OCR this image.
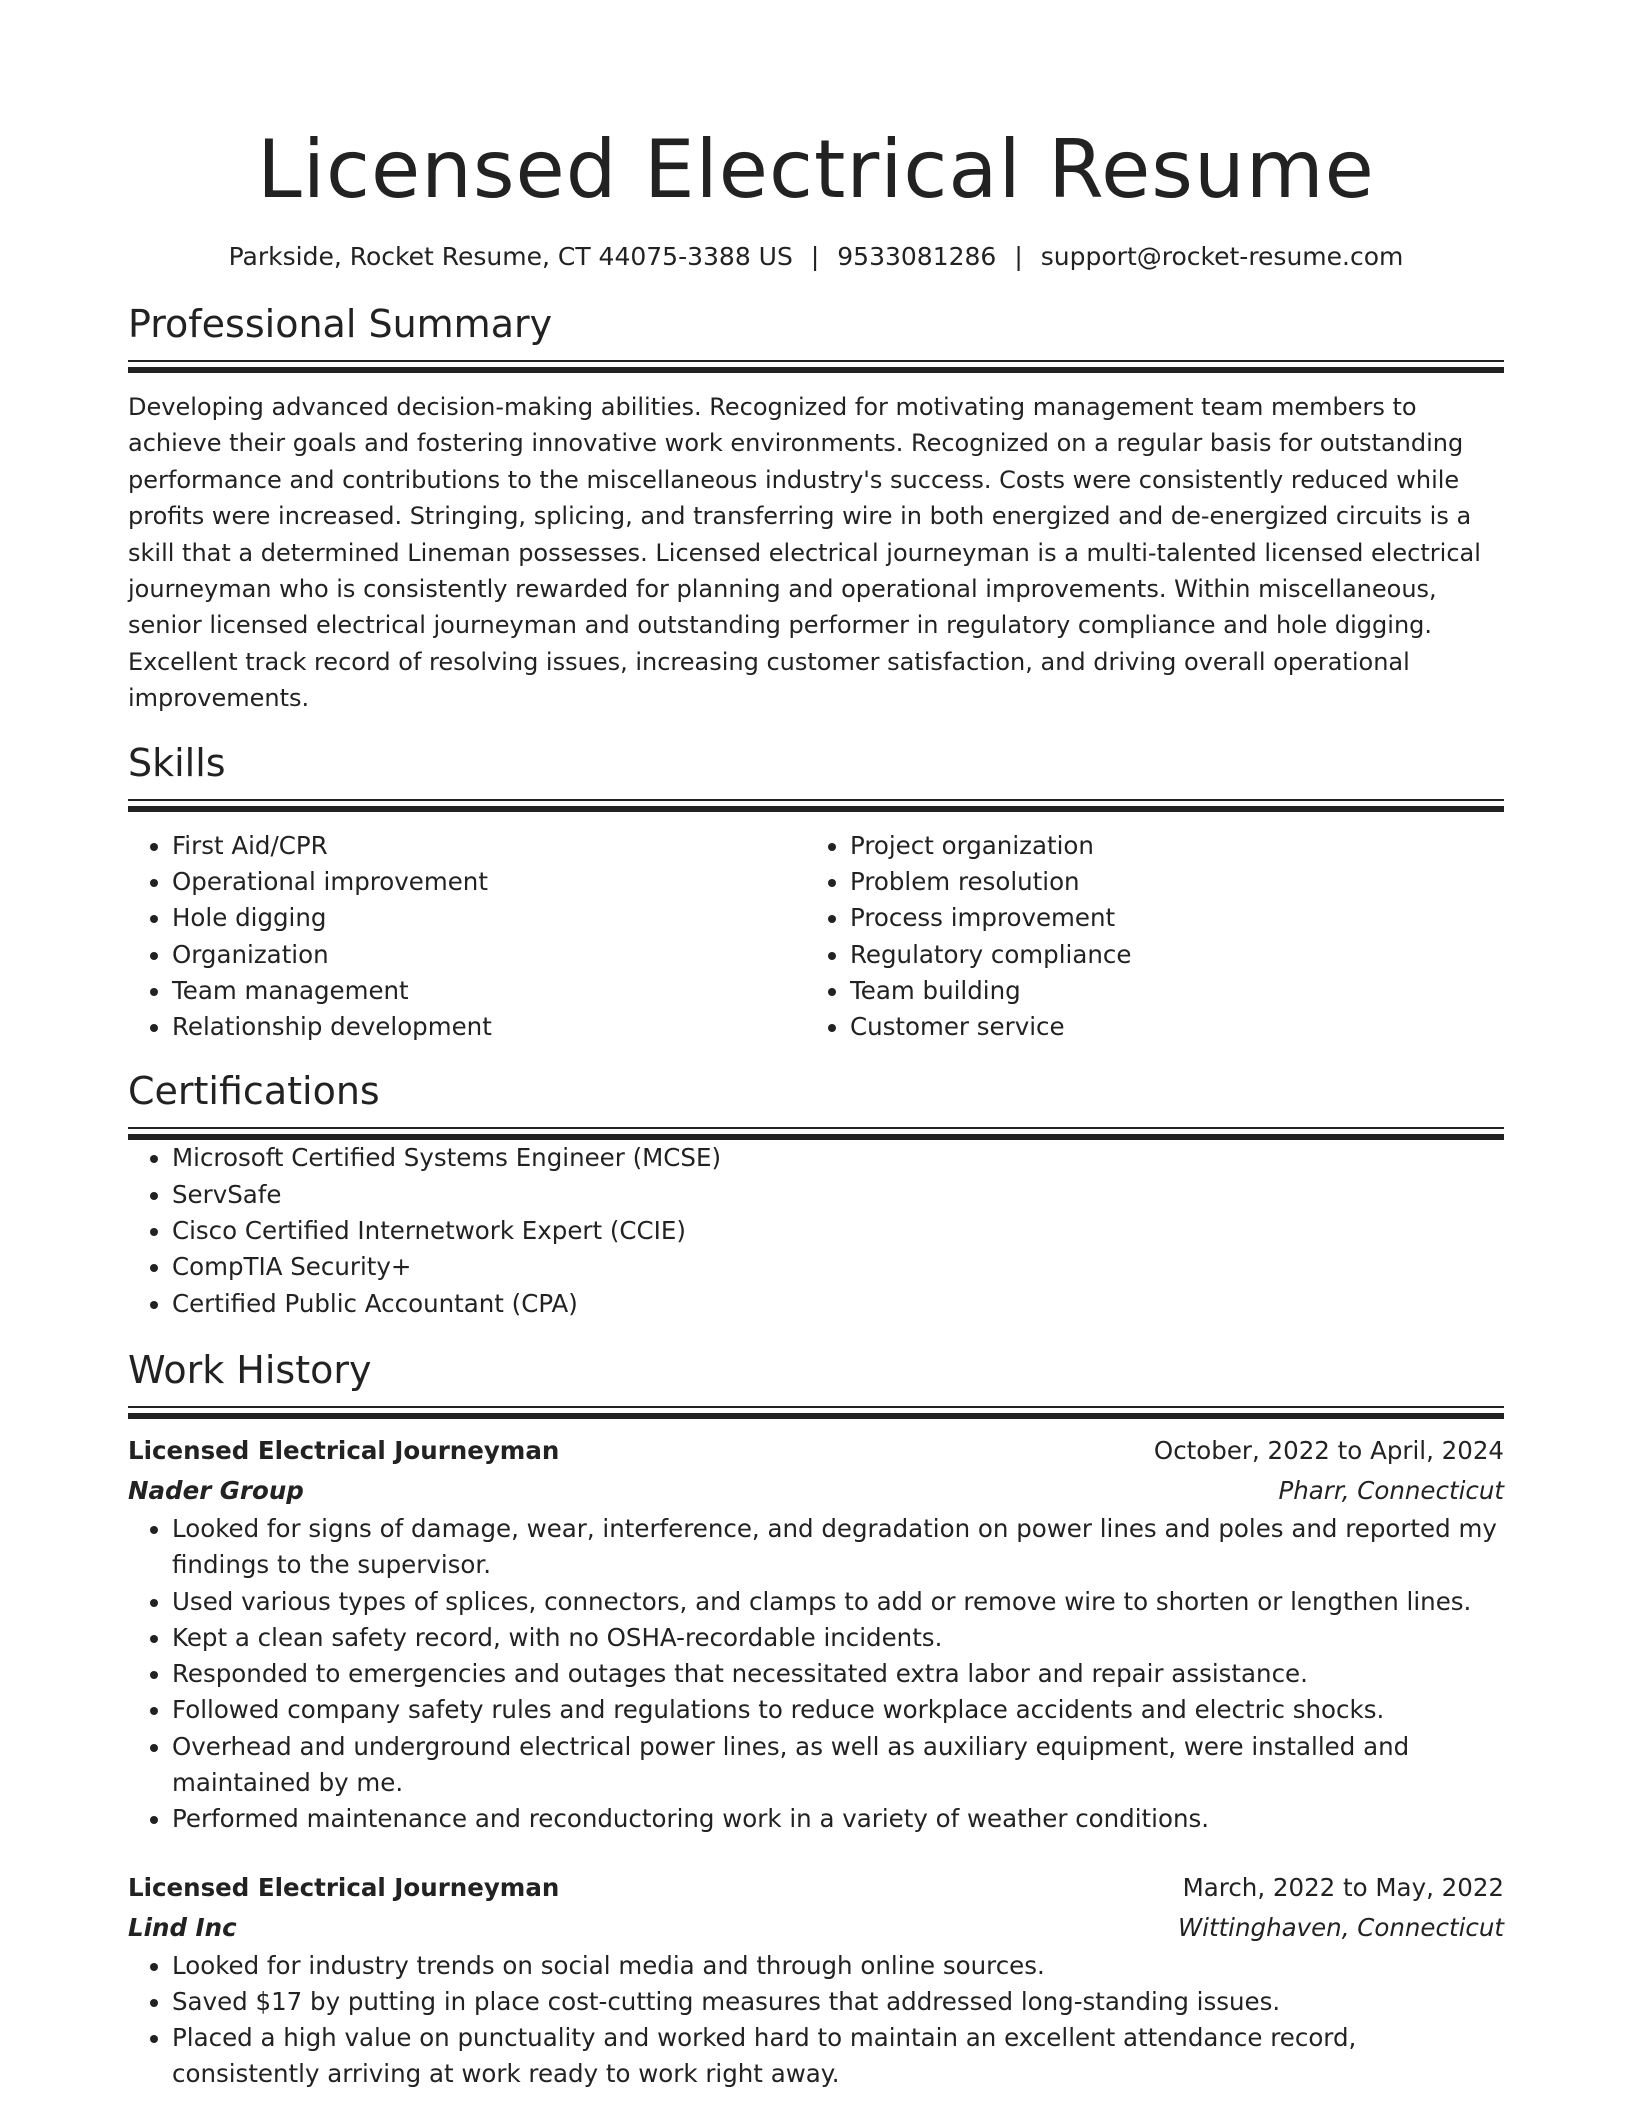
Licensed Electrical Resume
Parkside, Rocket Resume, CT 44075-3388 US | 9533081286 | support@rocket-resume.com
Professional Summary

Developing advanced decision-making abilities. Recognized for motivating management team members to achieve their goals and fostering innovative work environments. Recognized on a regular basis for outstanding performance and contributions to the miscellaneous industry's success. Costs were consistently reduced while profits were increased. Stringing, splicing, and transferring wire in both energized and de-energized circuits is a skill that a determined Lineman possesses. Licensed electrical journeyman is a multi-talented licensed electrical journeyman who is consistently rewarded for planning and operational improvements. Within miscellaneous, senior licensed electrical journeyman and outstanding performer in regulatory compliance and hole digging. Excellent track record of resolving issues, increasing customer satisfaction, and driving overall operational improvements.

Skills
• First Aid/CPR
• Operational improvement
• Hole digging
• Organization
• Team management
• Relationship development
• Project organization
• Problem resolution
• Process improvement
• Regulatory compliance
• Team building
• Customer service
Certifications
• Microsoft Certified Systems Engineer (MCSE)
• ServSafe
• Cisco Certified Internetwork Expert (CCIE)
• CompTIA Security+
• Certified Public Accountant (CPA)
Work History
Licensed Electrical Journeyman	October, 2022 to April, 2024
Nader Group	Pharr, Connecticut
• Looked for signs of damage, wear, interference, and degradation on power lines and poles and reported my findings to the supervisor.
• Used various types of splices, connectors, and clamps to add or remove wire to shorten or lengthen lines.
• Kept a clean safety record, with no OSHA-recordable incidents.
• Responded to emergencies and outages that necessitated extra labor and repair assistance.
• Followed company safety rules and regulations to reduce workplace accidents and electric shocks.
• Overhead and underground electrical power lines, as well as auxiliary equipment, were installed and maintained by me.
• Performed maintenance and reconductoring work in a variety of weather conditions.
Licensed Electrical Journeyman	March, 2022 to May, 2022
Lind Inc	Wittinghaven, Connecticut
• Looked for industry trends on social media and through online sources.
• Saved $17 by putting in place cost-cutting measures that addressed long-standing issues.
• Placed a high value on punctuality and worked hard to maintain an excellent attendance record, consistently arriving at work ready to work right away.
